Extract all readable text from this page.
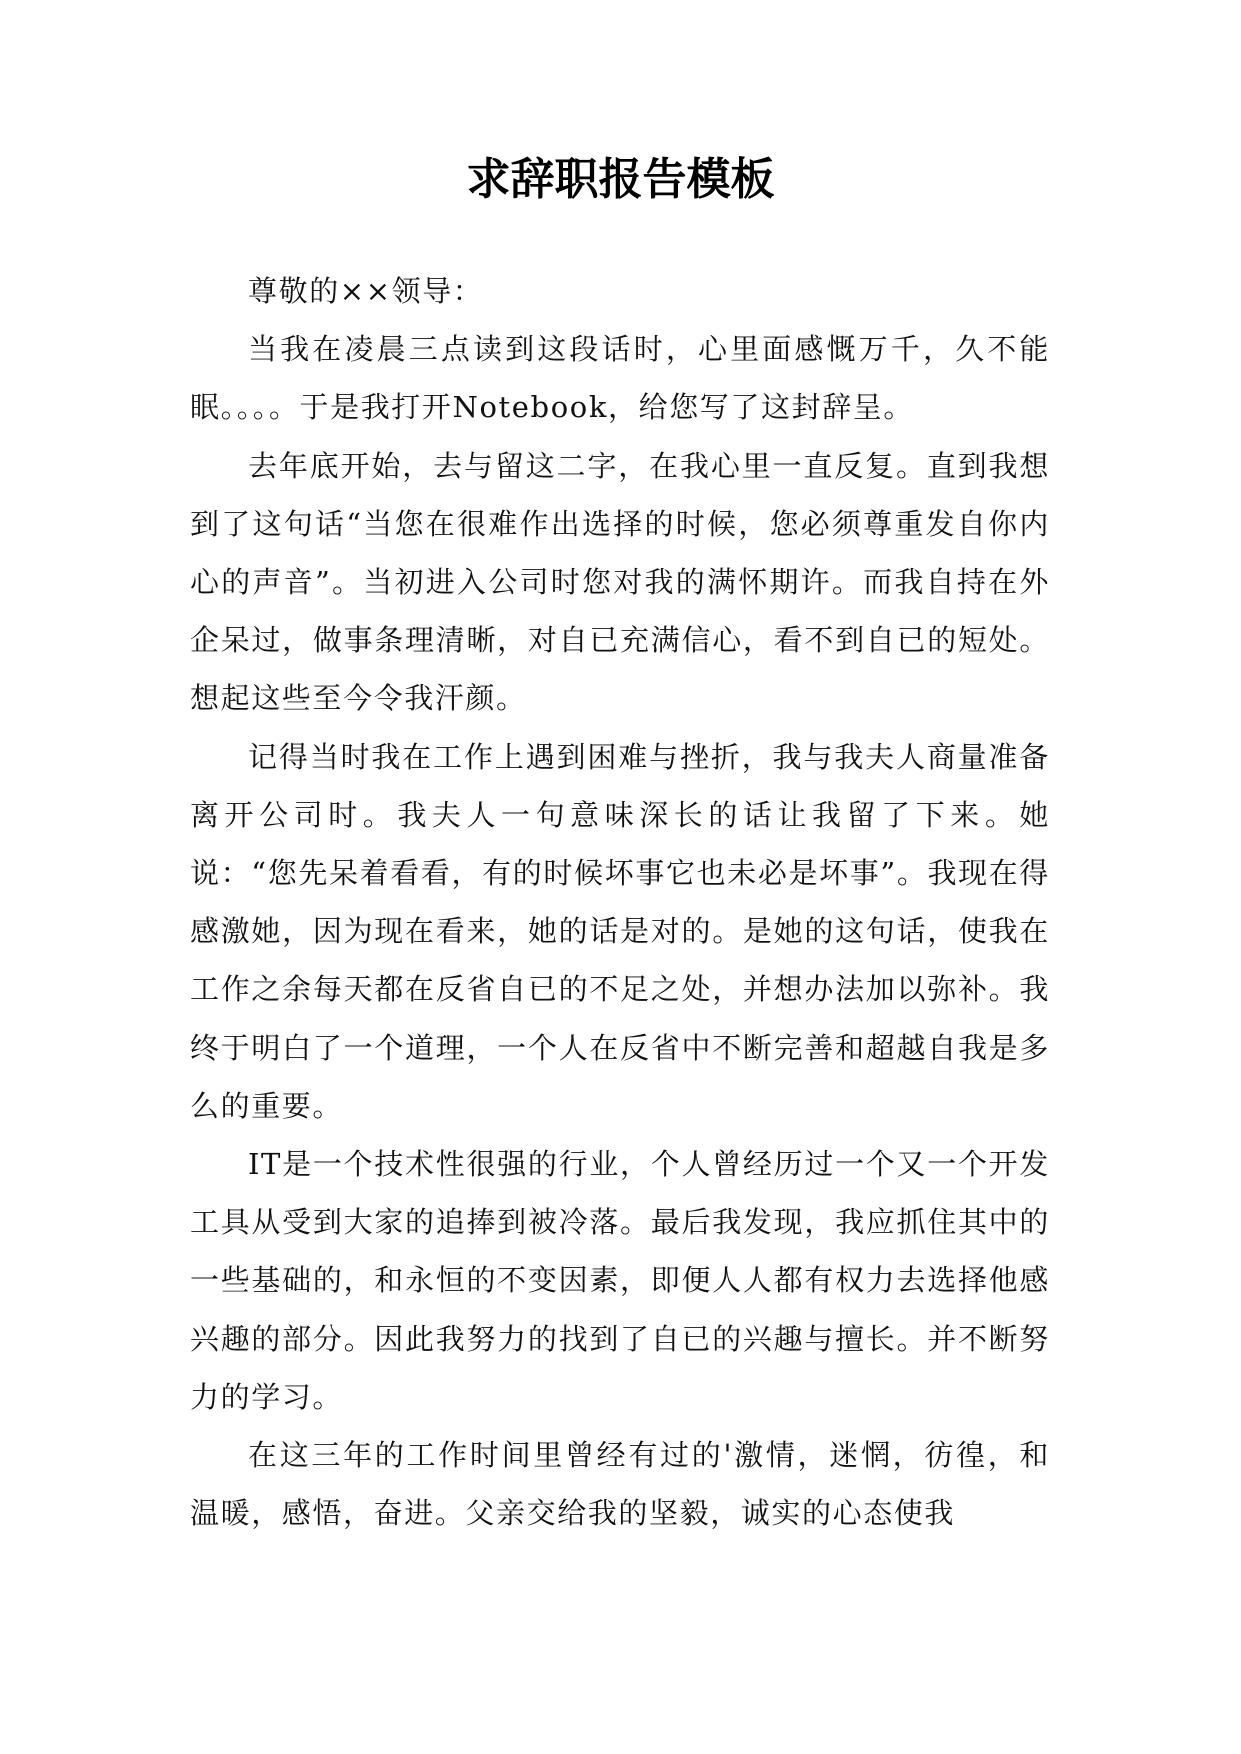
求辞职报告模板

尊敬的××领导：

当我在凌晨三点读到这段话时，心里面感慨万千，久不能眠。。。。于是我打开Notebook，给您写了这封辞呈。

去年底开始，去与留这二字，在我心里一直反复。直到我想到了这句话“当您在很难作出选择的时候，您必须尊重发自你内心的声音”。当初进入公司时您对我的满怀期许。而我自持在外企呆过，做事条理清晰，对自已充满信心，看不到自已的短处。想起这些至今令我汗颜。

记得当时我在工作上遇到困难与挫折，我与我夫人商量准备离开公司时。我夫人一句意味深长的话让我留了下来。她说：“您先呆着看看，有的时候坏事它也未必是坏事”。我现在得感激她，因为现在看来，她的话是对的。是她的这句话，使我在工作之余每天都在反省自已的不足之处，并想办法加以弥补。我终于明白了一个道理，一个人在反省中不断完善和超越自我是多么的重要。

IT是一个技术性很强的行业，个人曾经历过一个又一个开发工具从受到大家的追捧到被冷落。最后我发现，我应抓住其中的一些基础的，和永恒的不变因素，即便人人都有权力去选择他感兴趣的部分。因此我努力的找到了自已的兴趣与擅长。并不断努力的学习。

在这三年的工作时间里曾经有过的'激情，迷惘，彷徨，和温暖，感悟，奋进。父亲交给我的坚毅，诚实的心态使我
